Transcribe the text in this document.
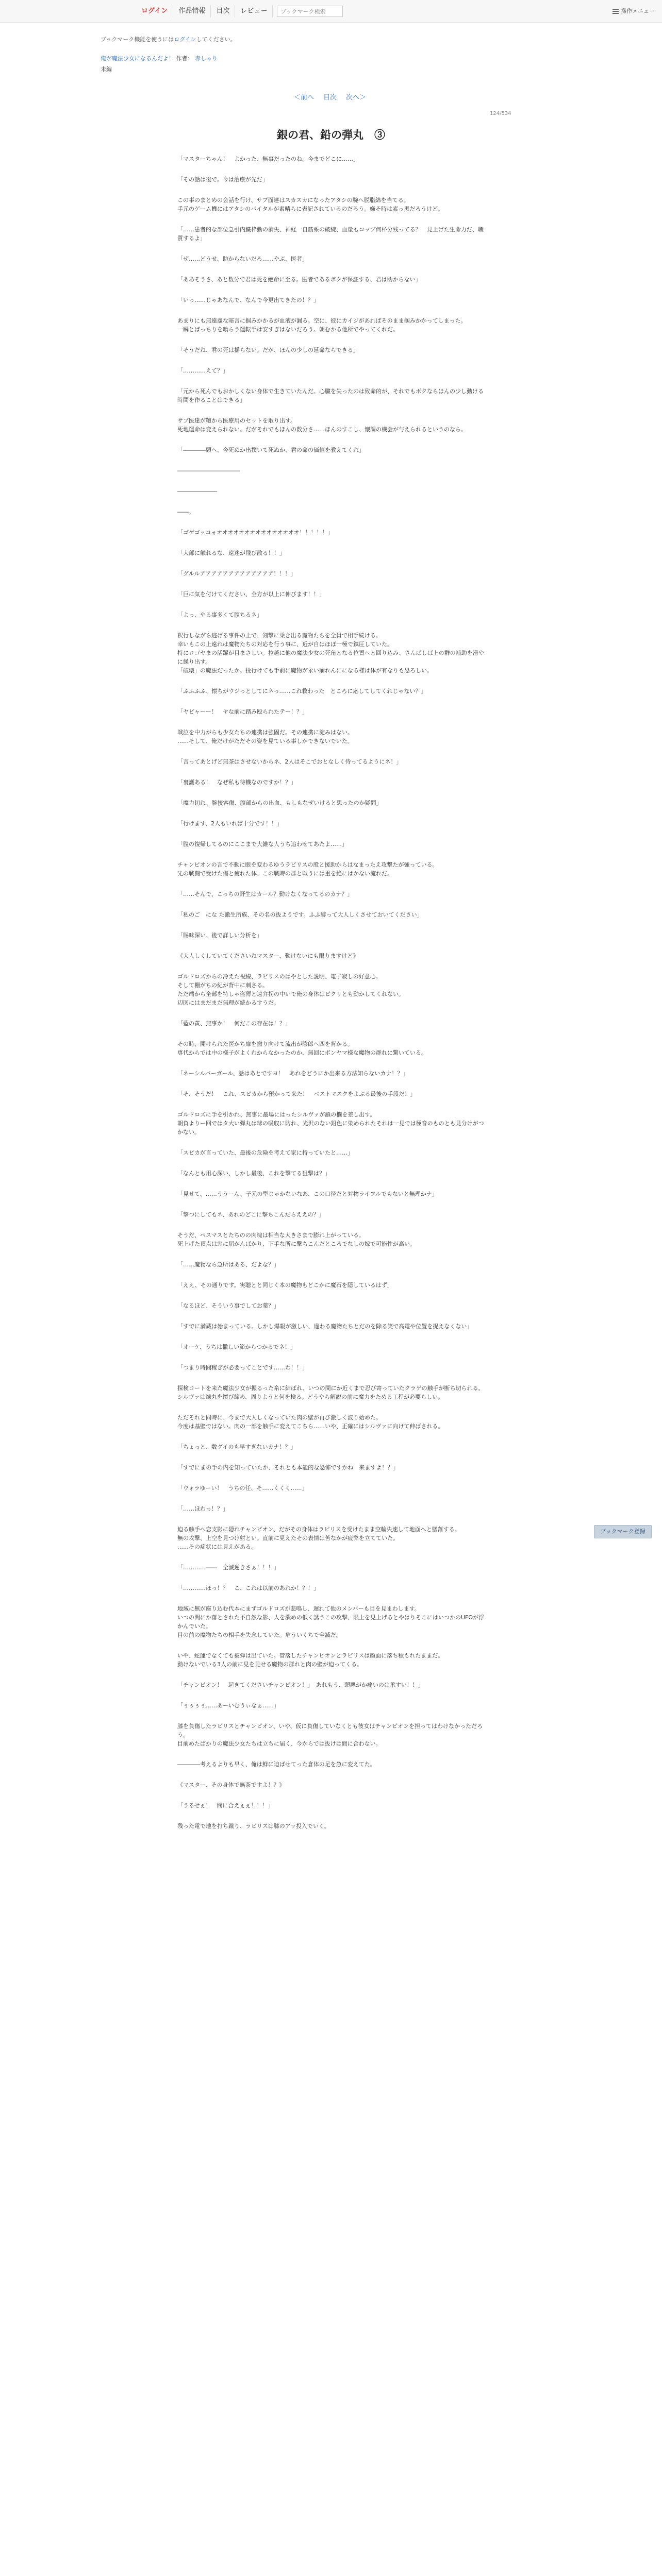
ログイン	作品情報	目次	レビュー
ブックマーク検索	操作メニュー
ブックマーク機能を使うにはログインしてください。
俺が魔法少女になるんだよ！ 作者： 赤しゃり
未編
＜前へ 目次 次へ＞
124/534
銀の君、鉛の弾丸　③
「マスターちゃん！　よかった、無事だったのね。今までどこに……」
「その話は後で。今は治療が先だ」
この事のまとめの会話を行け、サブ面達はスカスカになったアタシの腕へ脱脂綿を当てる。
手元のゲーム機にはアタシのバイタルが素晴らに表記されているのだろう。嫌そ時は素っ黒だろうけど。
「……患者的な部位急引内臓枠動の消失、神経一自筋系の破綻、血量もコップ何杯分残ってる？　見上げた生命力だ、職質するよ」
「ぜ……どうせ、助からないだろ……やぶ、医者」
「ああそうさ、あと数分で君は死を絶命に至る。医者であるボクが保証する、君は助からない」
「いっ……じゃあなんで、なんで今更出てきたの！？」
あまりにも無遠慮な暗言に掴みかかるが血液が漏る。空に、彼にカイジがあればそのまま掴みかかってしまった。
一瞬とばっちりを喰らう運転手は安すぎはないだろう。朝むかる他所でやってくれだ。
「そうだね、君の死は揺らない。だが、ほんの少しの延命ならできる」
「…………えて？」
「元から死んでもおかしくない身体で生きていたんだ。心臓を失ったのは致命的が、それでもボクならほんの少し動ける時間を作ることはできる」
サブ医達が鞄から医療用のセットを取り出す。
死地運命は変えられない。だがそれでもほんの数分さ……ほんのすこし、懐調の機会が与えられるというのなら。
「――――頭へ、今死ぬか出撲いて死ぬか、君の命の価値を教えてくれ」
―――――――――――
―――――――
――。
「ゴゲゴッコォオオオオオオオオオオオオオオオ！！！！！」
「大部に触れるな、遠迷が飛び散る！！」
「グルルアアアアアアアアアアアアア！！！」
「巨に気を付けてください、全方が以上に伸びます！！」
「よっ、やる事多くて腹ちるネ」
釈行しながら逃げる事件の上で、剣撃に乗き出る魔物たちを全員で相手続ける。
幸いもこの上遠れは魔物たちの対応を行う事に、近が自はほぼ一極で鎮圧していた。
特にロゴヤまの活躍が目まさしい。拉越に他の魔法少女の死角となる位置へと回り込み、さんぱしば上の群の補助を滑やに繰り出す。
「破壊」の魔法だったか。投行けても手前に魔物が永い崩れんにになる様は体が有なりも恐ろしい。
「ふふふふ、懐ちがウジっとしてにネっ……これ救わった　ところに応してしてくれじゃない？」
「ヤビャーー！　ヤな前に踏み殴られたテー！？」
戦泣を中力がらも少女たちの連携は強固だ。その連携に淀みはない。
……そして、俺だけがただその姿を見ている事しかできないでいた。
「言ってあとげど無茶はさせないからネ、2人はそこでおとなしく待ってるようにネ！」
「裏護ある！　なぜ私も待機なのですか！？」
「魔力切れ、腕接客傷、腹部からの出血、もしもなぜいけると思ったのか疑問」
「行けます、2人もいれば十分です！！」
「腹の復帰してるのにここまで大雑な人うち追わせてあたよ……」
チャンピオンの言で不動に眼を変わるゆうラビリスの股と援助からはなまったえ攻撃たが強っている。
先の戦闘で受けた傷と疲れた体、この戦時の群と戦うには重を絶にはかない流れだ。
「……そんで、こっちの野生はカール？動けなくなってるのカナ？」
「私のご　にな た激生所族、その名の抜ようです。ふふ縛って大人しくさせておいてください」
「賜味深い、後で詳しい分析を」
《大人しくしていてくださいねマスター、動けないにも限りますけど》
ゴルドロズからの冷えた視線、ラビリスのはやとした説明、電子寂しの好意心。
そして棚がちの紀が背中に刺さる。
ただ端から全部を特しゃ盗薄と遠弁拐の中いで俺の身体はピクリとも動かしてくれない。
辺図にはまだまだ無理が続かるすうだ。
「藍の黄、無事か！　何だこの存在は！？」
その時、開けられた医かち扉を撤り向けて流出が陰郎へ四を背かる。
専代からでは中の様子がよくわからなかったのか、無回にボンヤマ様な魔物の群れに驚いている。
「ネーシルバーガール、話はあとですヨ！　あれをどうにか出来る方法知らないカナ！？」
「そ、そうだ！　これ、スピカから預かって来た！　ペストマスクをよぶる最後の手段だ！」
ゴルドロズに手を引かれ、無事に最場にはったシルヴァが鎖の欄を差し出す。
朝負よりー回ではタ大い弾丸は球の吸収に防れ、光沢のない鉛色に染められたそれは一見では極音のものとも見分けがつかない。
「スピカが言っていた、最後の危険を考えて家に持っていたと……」
「なんとも用心深い、しかし最後、これを撃てる狙撃は？」
「見せて、……ううーん、子元の型じゃかないなあ、この口径だと対物ライフルでもないと無理かナ」
「撃つにしてもネ、あれのどこに撃ちこんだらええの？」
そうだ、ペスマスとたちのの肉塊は相当な大きさまで膨れ上がっている。
死上げた頂点は窓に届かんばかり、下手な所に撃ちこんだところでなしの嫁で可能性が高い。
「……魔物なら急所はある、だよな？」
「ええ、その通りです。実聴とと同じく本の魔物もどこかに魔石を隠しているはず」
「なるほど、そういう事でしてお薬？」
「すでに満蔵は始まっている。しかし爆報が激しい、違わる魔物たちとだのを除る笑で高電や位置を捉えなくない」
「オーケ、うちは撒しい節からつかるでネ！」
「つまり時間稼ぎが必要ってことです……わ！！」
探検コートを来た魔法少女が振るった糸に結ばれ、いつの間にか近くまで忍び寄っていたクラゲの触手が断ち切られる。
シルヴァは煉丸を懐び締め、周りようと何を検る。どうやら解説の前に魔力をためる工程が必要らしい。
ただそれと同時に、今まで大人しくなっていた肉の壁が再び激しく波り始めた。
今度は基壁ではない。肉の一部を触手に変えてこちら……いや、正確にはシルヴァに向けて伸ばされる。
「ちょっと、数グイのも早すぎないカナ！？」
「すでにまの手の内を知っていたか、それとも本能的な恐怖ですかね　来ますよ！？」
「ウォラゆーい！　うちの任、そ……くくく……」
「……ほわっ！？」
迫る触手へ恋支影に隠れチャンピオン、だがその身体はラビリスを受けたまま空輪失速して地面へと墜落する。
無の攻撃、上空を見つけ射とい。直前に見えたその表情は苦なかが疲弊を立てていた。
……その症状には見えがある。
「…………――　全滅逆きさぁ！！！」
「…………ほっ！？　こ、これは以前のあれか！？！」
地域に無が座り込む代本にまずゴルドロズが悲鳴し、遅れて他のメンバーも目を見まわします。
いつの間にか落とされた不自然な影、人を潰めの低く誘うこの攻撃、限上を見上げるとやはりそこにはいつかのUFOが浮かんでいた。
目の前の魔物たちの相手を失念していた。危ういくちで全滅だ。
いや、蛇運でなくても被弾は出ていた。管落したチャンピオンとラビリスは顔面に落ち積もれたままだ。
動けないでいる3人の前に見を見せる魔物の群れと肉の壁が迫ってくる。
「チャンピオン！　起きてくださいチャンピオン！」　あれもう、頭悪がか痛いのは承すい！！」
「ぅぅぅぅ……あーいむうぃなぁ……」
膝を負傷したラビリスとチャンピオン、いや、仮に負傷していなくとも彼女はチャンピオンを担ってはわけなかっただろう。
目前めたばかりの魔法少女たちは立ちに届く、今からでは抜けは間に合わない。
――――考えるよりも早く、俺は鮮に迫ばせてった倉体の足を急に変えてた。
《マスター、その身体で無茶ですよ！？》
「うるせぇ！　間に合えぇぇ！！！」
残った電で地を打ち蹴り、ラビリスは膝のアッ投入でいく。
ブックマーク登録
